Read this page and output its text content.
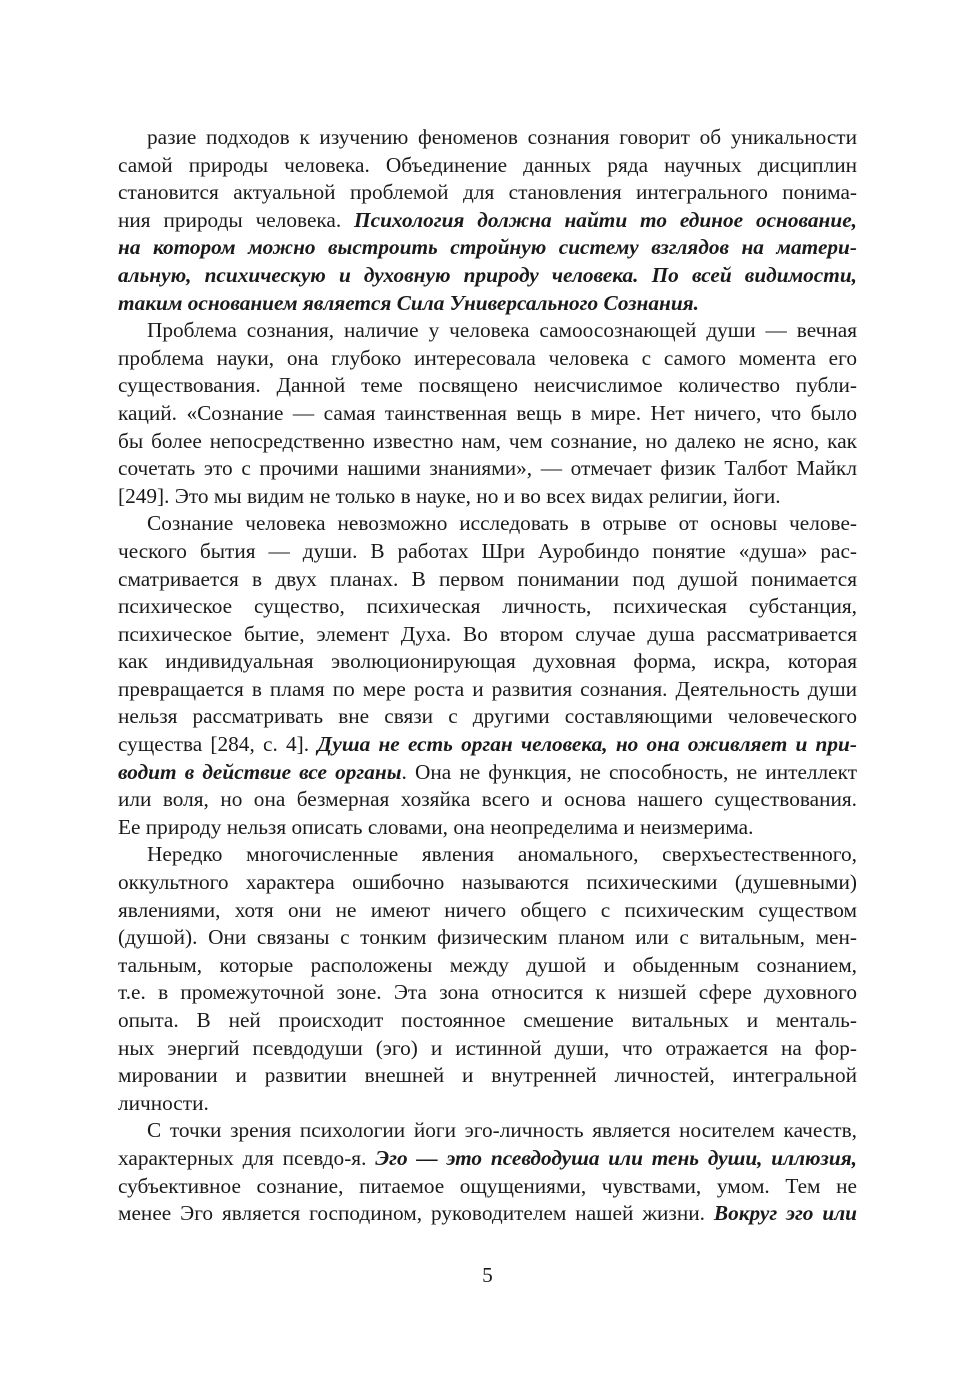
разие подходов к изучению феноменов сознания говорит об уникальности
самой природы человека. Объединение данных ряда научных дисциплин
становится актуальной проблемой для становления интегрального понима-
ния природы человека. Психология должна найти то единое основание,
на котором можно выстроить стройную систему взглядов на матери-
альную, психическую и духовную природу человека. По всей видимости,
таким основанием является Сила Универсального Сознания.
Проблема сознания, наличие у человека самоосознающей души — вечная
проблема науки, она глубоко интересовала человека с самого момента его
существования. Данной теме посвящено неисчислимое количество публи-
каций. «Сознание — самая таинственная вещь в мире. Нет ничего, что было
бы более непосредственно известно нам, чем сознание, но далеко не ясно, как
сочетать это с прочими нашими знаниями», — отмечает физик Талбот Майкл
[249]. Это мы видим не только в науке, но и во всех видах религии, йоги.
Сознание человека невозможно исследовать в отрыве от основы челове-
ческого бытия — души. В работах Шри Ауробиндо понятие «душа» рас-
сматривается в двух планах. В первом понимании под душой понимается
психическое существо, психическая личность, психическая субстанция,
психическое бытие, элемент Духа. Во втором случае душа рассматривается
как индивидуальная эволюционирующая духовная форма, искра, которая
превращается в пламя по мере роста и развития сознания. Деятельность души
нельзя рассматривать вне связи с другими составляющими человеческого
существа [284, с. 4]. Душа не есть орган человека, но она оживляет и при-
водит в действие все органы. Она не функция, не способность, не интеллект
или воля, но она безмерная хозяйка всего и основа нашего существования.
Ее природу нельзя описать словами, она неопределима и неизмерима.
Нередко многочисленные явления аномального, сверхъестественного,
оккультного характера ошибочно называются психическими (душевными)
явлениями, хотя они не имеют ничего общего с психическим существом
(душой). Они связаны с тонким физическим планом или с витальным, мен-
тальным, которые расположены между душой и обыденным сознанием,
т.е. в промежуточной зоне. Эта зона относится к низшей сфере духовного
опыта. В ней происходит постоянное смешение витальных и менталь-
ных энергий псевдодуши (эго) и истинной души, что отражается на фор-
мировании и развитии внешней и внутренней личностей, интегральной
личности.
С точки зрения психологии йоги эго-личность является носителем качеств,
характерных для псевдо-я. Эго — это псевдодуша или тень души, иллюзия,
субъективное сознание, питаемое ощущениями, чувствами, умом. Тем не
менее Эго является господином, руководителем нашей жизни. Вокруг эго или
5
